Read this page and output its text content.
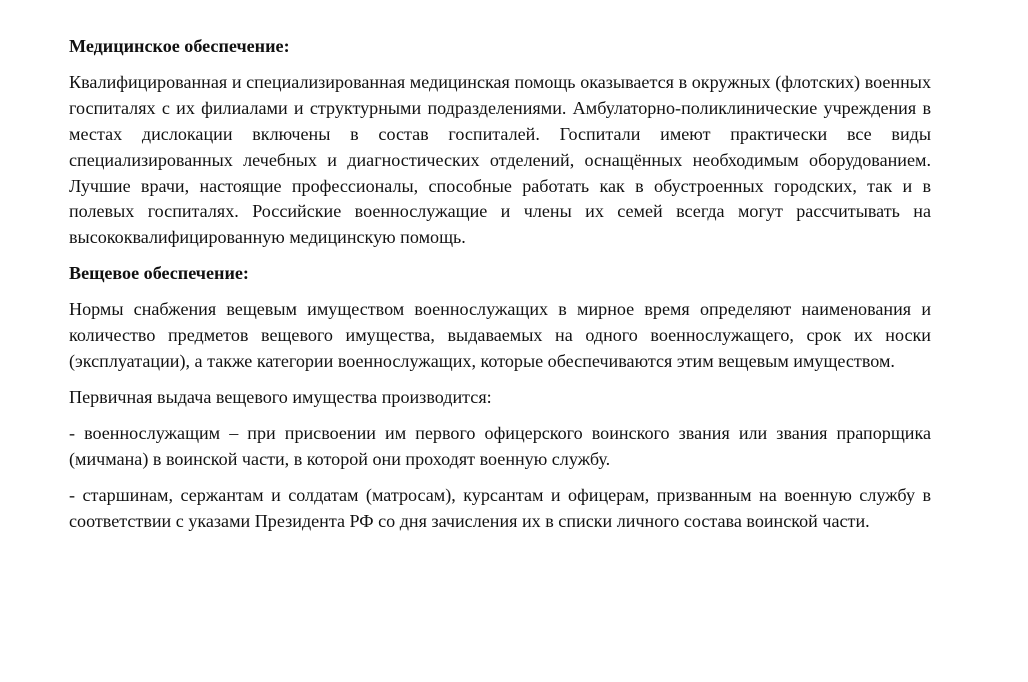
Медицинское обеспечение:

Квалифицированная и специализированная медицинская помощь оказывается в окружных (флотских) военных госпиталях с их филиалами и структурными подразделениями. Амбулаторно-поликлинические учреждения в местах дислокации включены в состав госпиталей. Госпитали имеют практически все виды специализированных лечебных и диагностических отделений, оснащённых необходимым оборудованием. Лучшие врачи, настоящие профессионалы, способные работать как в обустроенных городских, так и в полевых госпиталях. Российские военнослужащие и члены их семей всегда могут рассчитывать на высококвалифицированную медицинскую помощь.

Вещевое обеспечение:

Нормы снабжения вещевым имуществом военнослужащих в мирное время определяют наименования и количество предметов вещевого имущества, выдаваемых на одного военнослужащего, срок их носки (эксплуатации), а также категории военнослужащих, которые обеспечиваются этим вещевым имуществом.

Первичная выдача вещевого имущества производится:

- военнослужащим – при присвоении им первого офицерского воинского звания или звания прапорщика (мичмана) в воинской части, в которой они проходят военную службу.

- старшинам, сержантам и солдатам (матросам), курсантам и офицерам, призванным на военную службу в соответствии с указами Президента РФ со дня зачисления их в списки личного состава воинской части.
